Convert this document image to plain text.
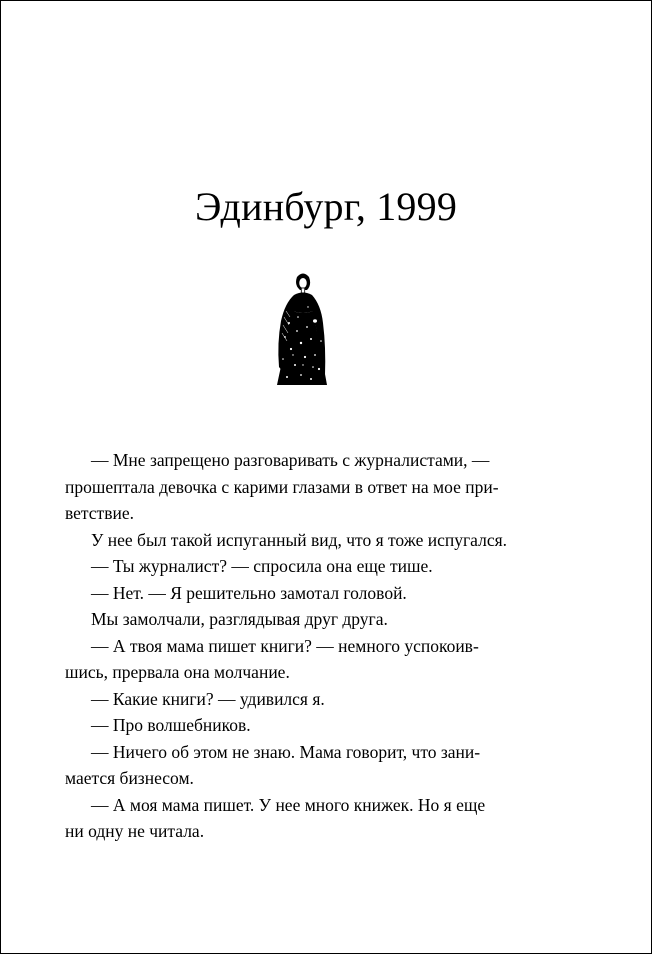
Эдинбург, 1999

— Мне запрещено разговаривать с журналистами, —
прошептала девочка с карими глазами в ответ на мое при-
ветствие.

У нее был такой испуганный вид, что я тоже испугался.

— Ты журналист? — спросила она еще тише.

— Нет. — Я решительно замотал головой.

Мы замолчали, разглядывая друг друга.

— А твоя мама пишет книги? — немного успокоив-
шись, прервала она молчание.

— Какие книги? — удивился я.

— Про волшебников.

— Ничего об этом не знаю. Мама говорит, что зани-
мается бизнесом.

— А моя мама пишет. У нее много книжек. Но я еще
ни одну не читала.
